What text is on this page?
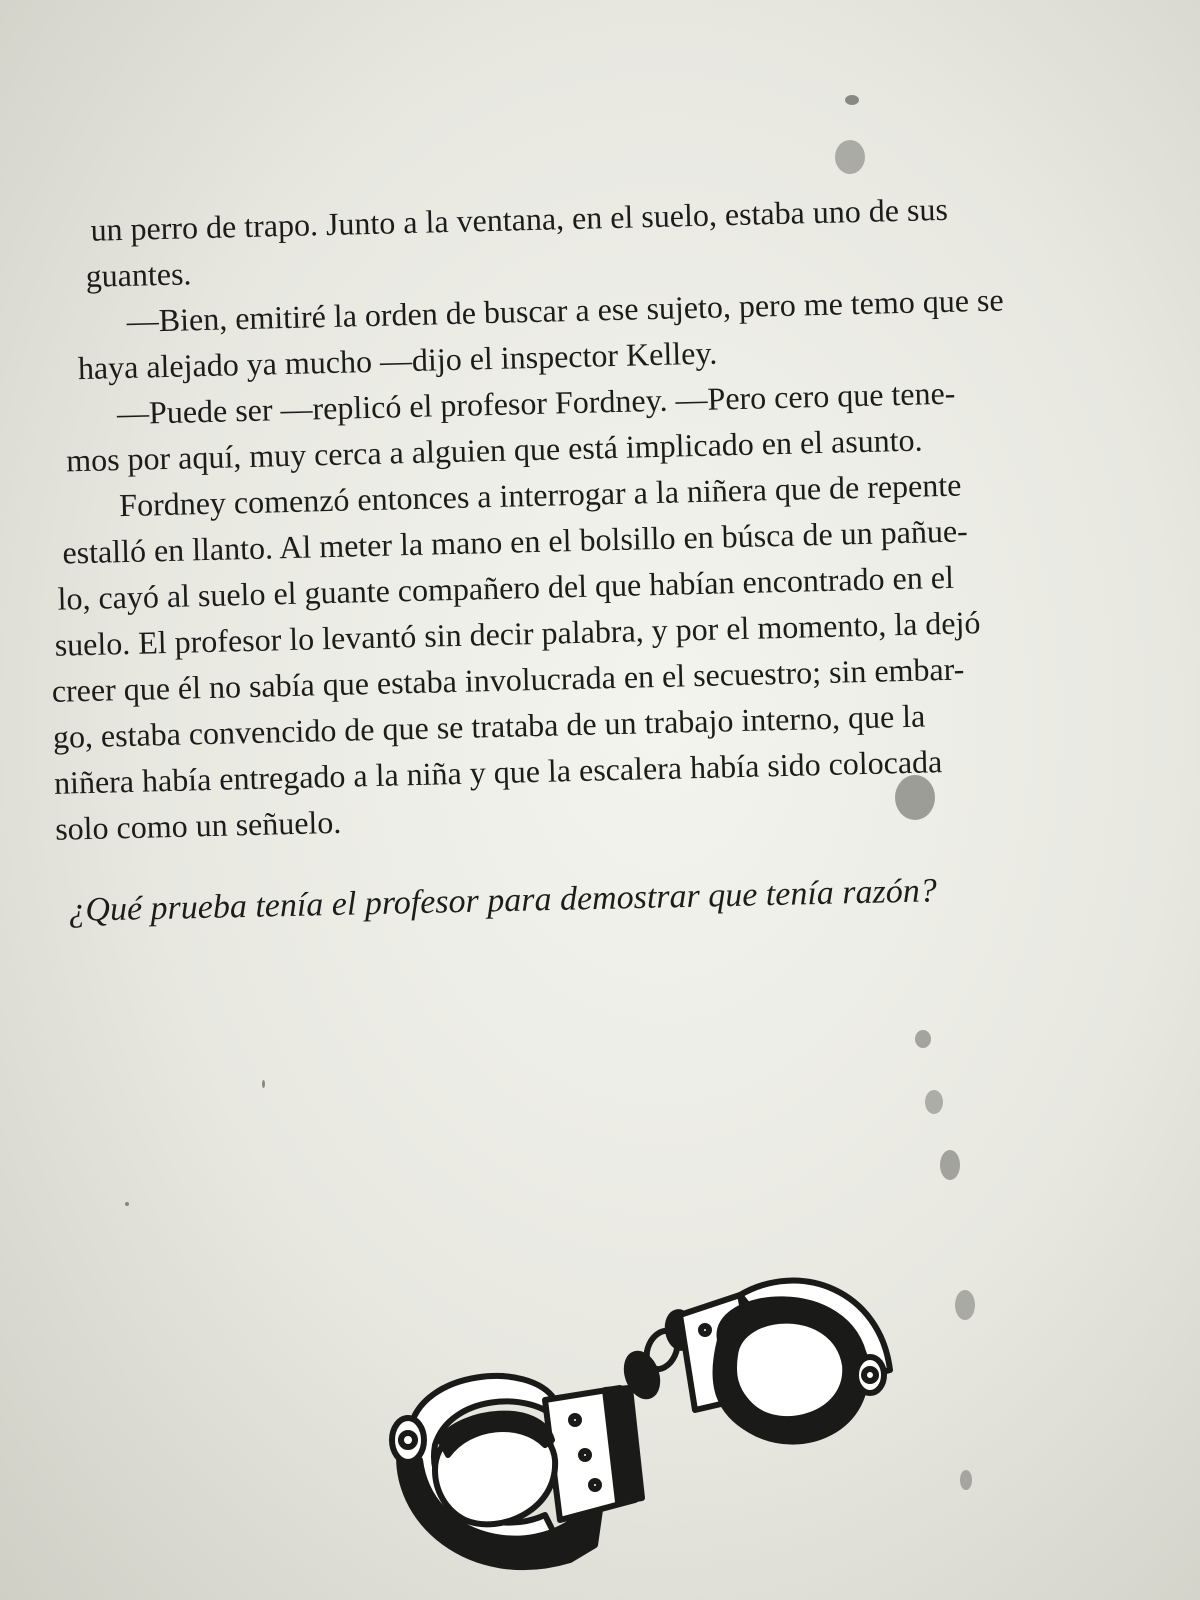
un perro de trapo. Junto a la ventana, en el suelo, estaba uno de sus
guantes.
—Bien, emitiré la orden de buscar a ese sujeto, pero me temo que se
haya alejado ya mucho —dijo el inspector Kelley.
—Puede ser —replicó el profesor Fordney. —Pero cero que tene-
mos por aquí, muy cerca a alguien que está implicado en el asunto.
Fordney comenzó entonces a interrogar a la niñera que de repente
estalló en llanto. Al meter la mano en el bolsillo en búsca de un pañue-
lo, cayó al suelo el guante compañero del que habían encontrado en el
suelo. El profesor lo levantó sin decir palabra, y por el momento, la dejó
creer que él no sabía que estaba involucrada en el secuestro; sin embar-
go, estaba convencido de que se trataba de un trabajo interno, que la
niñera había entregado a la niña y que la escalera había sido colocada
solo como un señuelo.
¿Qué prueba tenía el profesor para demostrar que tenía razón?
